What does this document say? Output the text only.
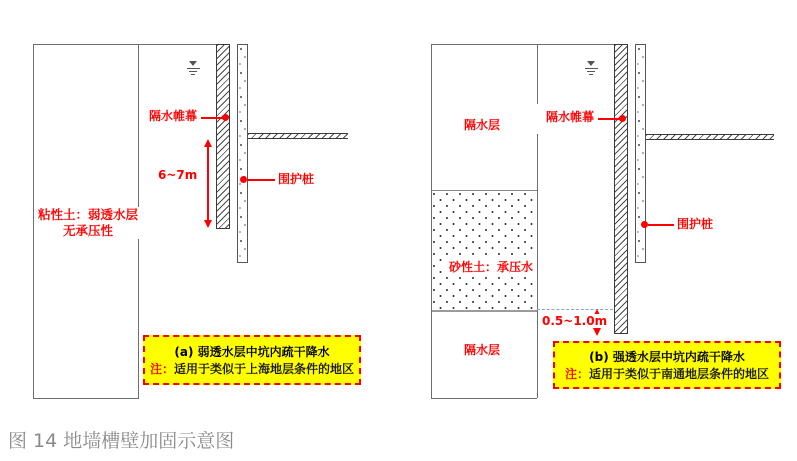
隔水帷幕
6~7m	围护桩
粘性土：弱透水层
无承压性
(a) 弱透水层中坑内疏干降水
注：适用于类似于上海地层条件的地区
砂性土：承压水
隔水层
隔水层
隔水帷幕
围护桩
0.5~1.0m
(b) 强透水层中坑内疏干降水
注：适用于类似于南通地层条件的地区
图 14 地墙槽壁加固示意图
